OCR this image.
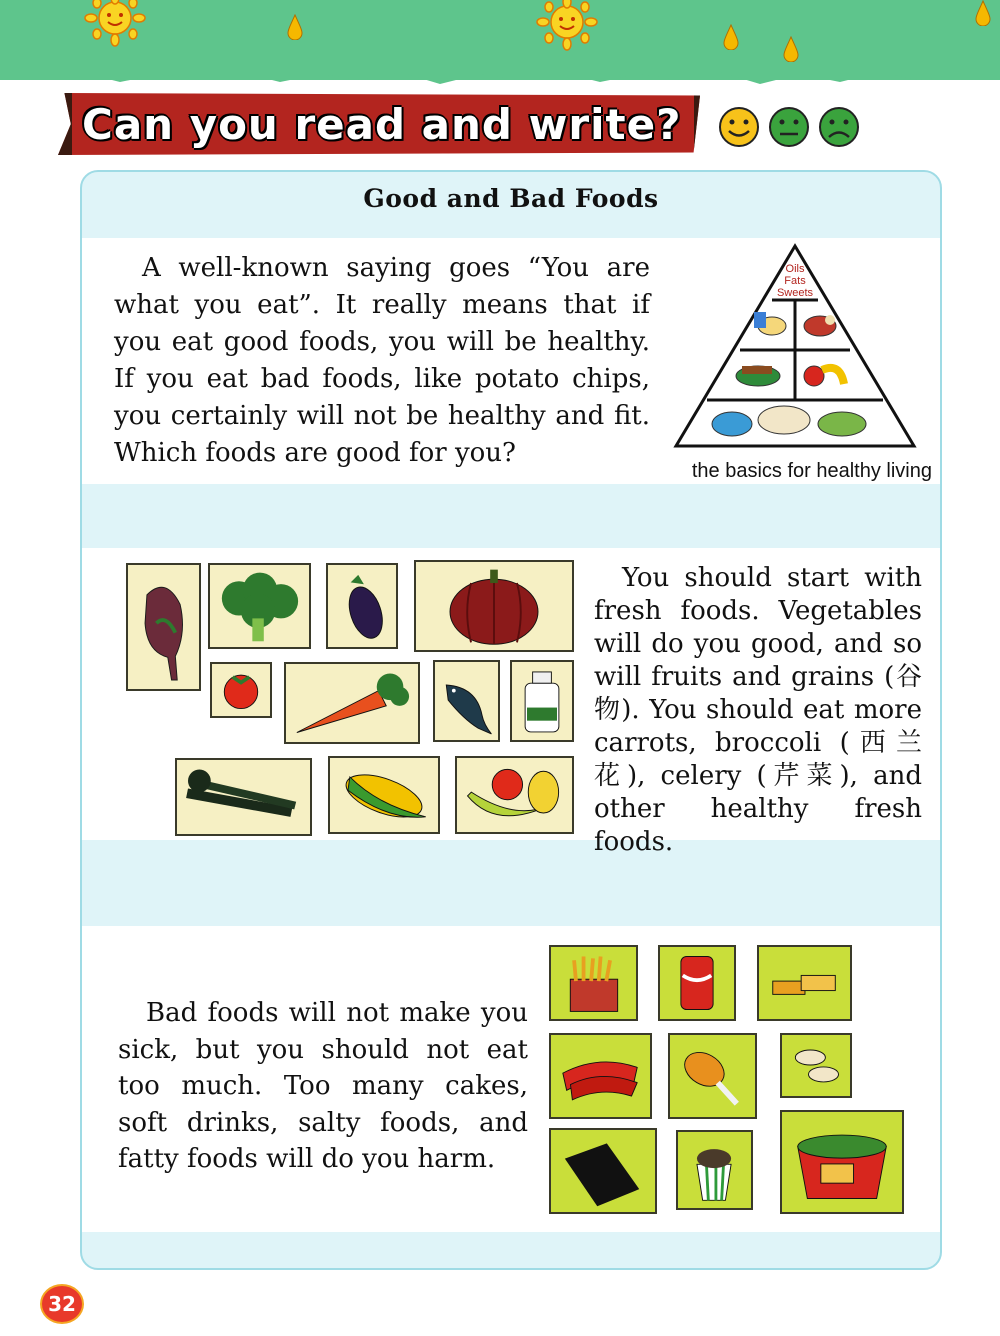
Can you read and write?
Good and Bad Foods

A well-known saying goes “You are what you eat”. It really means that if you eat good foods, you will be healthy. If you eat bad foods, like potato chips, you certainly will not be healthy and fit. Which foods are good for you?

Oils
Fats
Sweets
the basics for healthy living

You should start with fresh foods. Vegetables will do you good, and so will fruits and grains (谷物). You should eat more carrots, broccoli (西兰花), celery (芹菜), and other healthy fresh foods.

Bad foods will not make you sick, but you should not eat too much. Too many cakes, soft drinks, salty foods, and fatty foods will do you harm.

32
